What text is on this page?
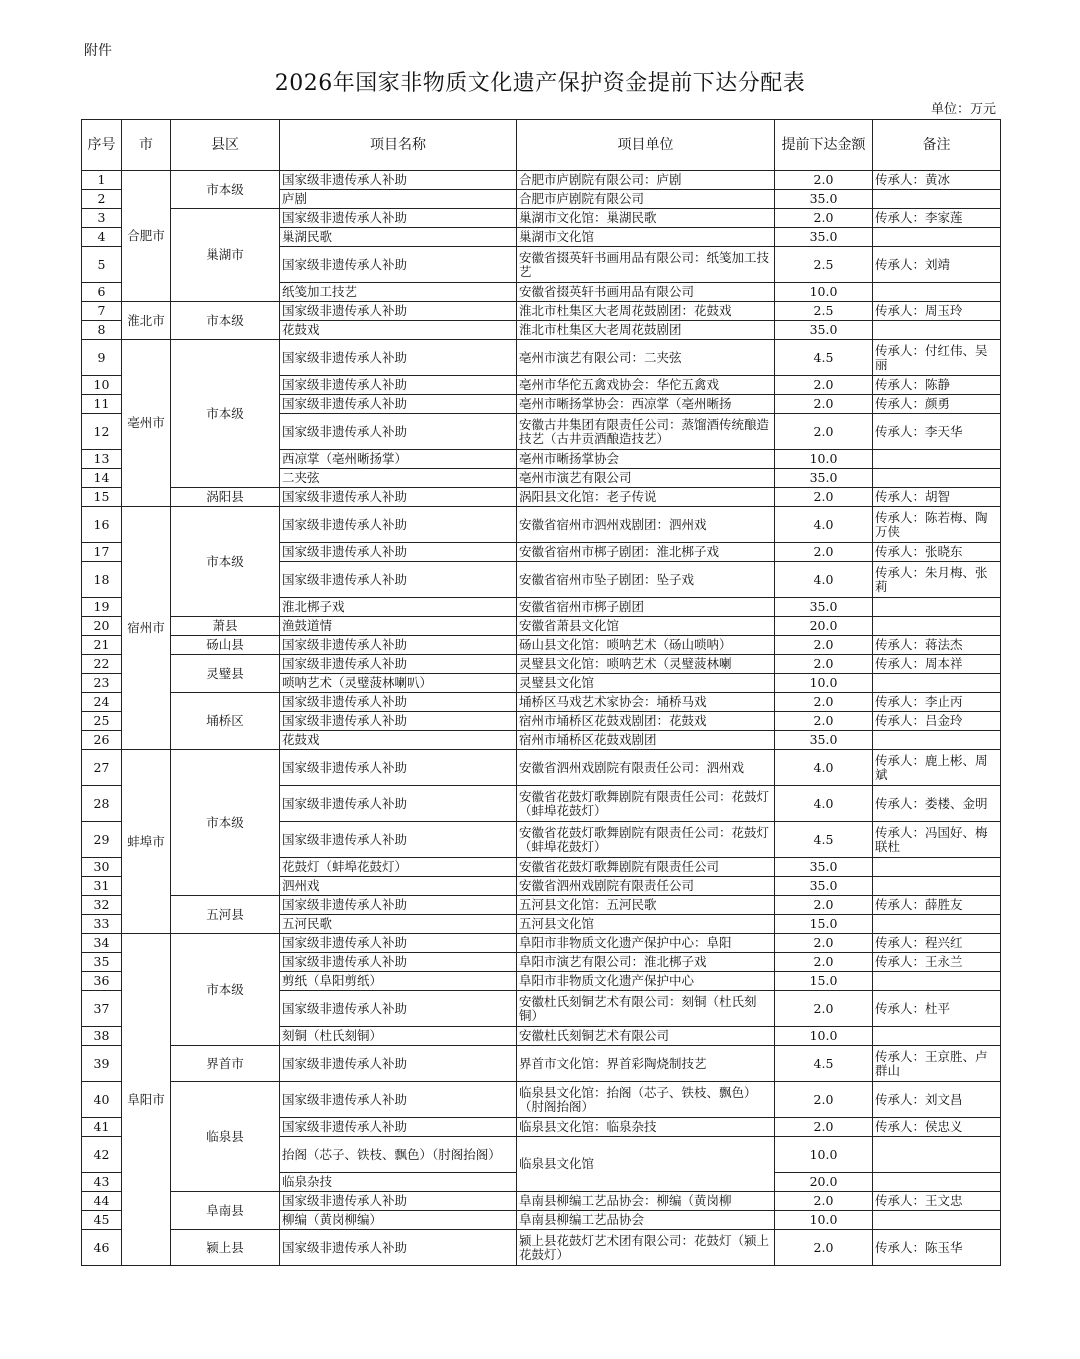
附件
2026年国家非物质文化遗产保护资金提前下达分配表
单位：万元
序号	市	县区	项目名称	项目单位	提前下达金额	备注
1	合肥市	市本级	国家级非遗传承人补助	合肥市庐剧院有限公司：庐剧	2.0	传承人：黄冰
2			庐剧	合肥市庐剧院有限公司	35.0	
3		巢湖市	国家级非遗传承人补助	巢湖市文化馆：巢湖民歌	2.0	传承人：李家莲
4			巢湖民歌	巢湖市文化馆	35.0	
5			国家级非遗传承人补助	安徽省掇英轩书画用品有限公司：纸笺加工技艺	2.5	传承人：刘靖
6			纸笺加工技艺	安徽省掇英轩书画用品有限公司	10.0	
7	淮北市	市本级	国家级非遗传承人补助	淮北市杜集区大老周花鼓剧团：花鼓戏	2.5	传承人：周玉玲
8			花鼓戏	淮北市杜集区大老周花鼓剧团	35.0	
9	亳州市	市本级	国家级非遗传承人补助	亳州市演艺有限公司：二夹弦	4.5	传承人：付红伟、吴丽
10			国家级非遗传承人补助	亳州市华佗五禽戏协会：华佗五禽戏	2.0	传承人：陈静
11			国家级非遗传承人补助	亳州市晰扬掌协会：西凉掌（亳州晰扬	2.0	传承人：颜勇
12			国家级非遗传承人补助	安徽古井集团有限责任公司：蒸馏酒传统酿造技艺（古井贡酒酿造技艺）	2.0	传承人：李天华
13			西凉掌（亳州晰扬掌）	亳州市晰扬掌协会	10.0	
14			二夹弦	亳州市演艺有限公司	35.0	
15		涡阳县	国家级非遗传承人补助	涡阳县文化馆：老子传说	2.0	传承人：胡智
16	宿州市	市本级	国家级非遗传承人补助	安徽省宿州市泗州戏剧团：泗州戏	4.0	传承人：陈若梅、陶万侠
17			国家级非遗传承人补助	安徽省宿州市梆子剧团：淮北梆子戏	2.0	传承人：张晓东
18			国家级非遗传承人补助	安徽省宿州市坠子剧团：坠子戏	4.0	传承人：朱月梅、张莉
19			淮北梆子戏	安徽省宿州市梆子剧团	35.0	
20		萧县	渔鼓道情	安徽省萧县文化馆	20.0	
21		砀山县	国家级非遗传承人补助	砀山县文化馆：唢呐艺术（砀山唢呐）	2.0	传承人：蒋法杰
22		灵璧县	国家级非遗传承人补助	灵璧县文化馆：唢呐艺术（灵璧菠林喇	2.0	传承人：周本祥
23			唢呐艺术（灵璧菠林喇叭）	灵璧县文化馆	10.0	
24		埇桥区	国家级非遗传承人补助	埇桥区马戏艺术家协会：埇桥马戏	2.0	传承人：李止丙
25			国家级非遗传承人补助	宿州市埇桥区花鼓戏剧团：花鼓戏	2.0	传承人：吕金玲
26			花鼓戏	宿州市埇桥区花鼓戏剧团	35.0	
27	蚌埠市	市本级	国家级非遗传承人补助	安徽省泗州戏剧院有限责任公司：泗州戏	4.0	传承人：鹿上彬、周斌
28			国家级非遗传承人补助	安徽省花鼓灯歌舞剧院有限责任公司：花鼓灯（蚌埠花鼓灯）	4.0	传承人：娄楼、金明
29			国家级非遗传承人补助	安徽省花鼓灯歌舞剧院有限责任公司：花鼓灯（蚌埠花鼓灯）	4.5	传承人：冯国好、梅联杜
30			花鼓灯（蚌埠花鼓灯）	安徽省花鼓灯歌舞剧院有限责任公司	35.0	
31			泗州戏	安徽省泗州戏剧院有限责任公司	35.0	
32		五河县	国家级非遗传承人补助	五河县文化馆：五河民歌	2.0	传承人：薛胜友
33			五河民歌	五河县文化馆	15.0	
34	阜阳市	市本级	国家级非遗传承人补助	阜阳市非物质文化遗产保护中心：阜阳	2.0	传承人：程兴红
35			国家级非遗传承人补助	阜阳市演艺有限公司：淮北梆子戏	2.0	传承人：王永兰
36			剪纸（阜阳剪纸）	阜阳市非物质文化遗产保护中心	15.0	
37			国家级非遗传承人补助	安徽杜氏刻铜艺术有限公司：刻铜（杜氏刻铜）	2.0	传承人：杜平
38			刻铜（杜氏刻铜）	安徽杜氏刻铜艺术有限公司	10.0	
39		界首市	国家级非遗传承人补助	界首市文化馆：界首彩陶烧制技艺	4.5	传承人：王京胜、卢群山
40		临泉县	国家级非遗传承人补助	临泉县文化馆：抬阁（芯子、铁枝、飘色）（肘阁抬阁）	2.0	传承人：刘文昌
41			国家级非遗传承人补助	临泉县文化馆：临泉杂技	2.0	传承人：侯忠义
42			抬阁（芯子、铁枝、飘色）（肘阁抬阁）	临泉县文化馆	10.0	
43			临泉杂技		20.0	
44		阜南县	国家级非遗传承人补助	阜南县柳编工艺品协会：柳编（黄岗柳	2.0	传承人：王文忠
45			柳编（黄岗柳编）	阜南县柳编工艺品协会	10.0	
46		颍上县	国家级非遗传承人补助	颍上县花鼓灯艺术团有限公司：花鼓灯（颍上花鼓灯）	2.0	传承人：陈玉华
